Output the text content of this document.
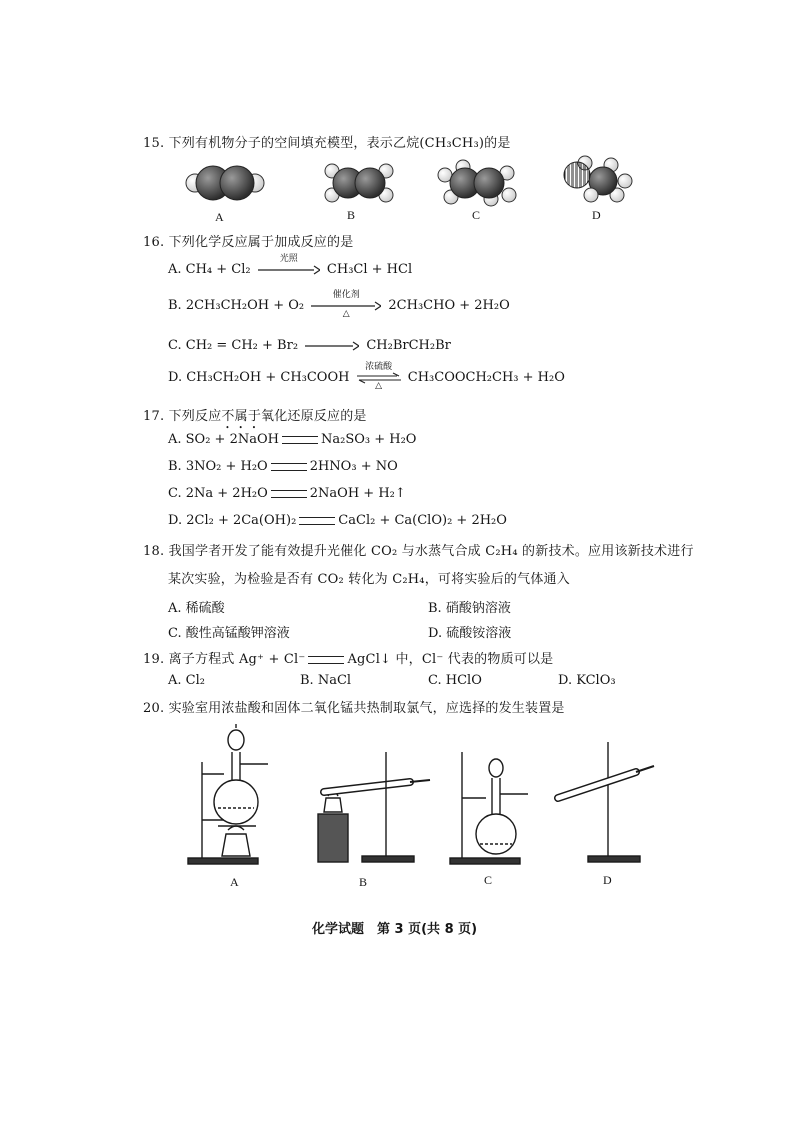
15. 下列有机物分子的空间填充模型，表示乙烷(CH₃CH₃)的是
A	B	C	D
16. 下列化学反应属于加成反应的是
A. CH₄ + Cl₂
光照
CH₃Cl + HCl
B. 2CH₃CH₂OH + O₂
催化剂
△
2CH₃CHO + 2H₂O
C. CH₂ = CH₂ + Br₂	CH₂BrCH₂Br
D. CH₃CH₂OH + CH₃COOH
浓硫酸
△
CH₃COOCH₂CH₃ + H₂O
17. 下列反应不属于氧化还原反应的是
A. SO₂ + 2NaOH	Na₂SO₃ + H₂O
B. 3NO₂ + H₂O	2HNO₃ + NO
C. 2Na + 2H₂O	2NaOH + H₂↑
D. 2Cl₂ + 2Ca(OH)₂	CaCl₂ + Ca(ClO)₂ + 2H₂O
18. 我国学者开发了能有效提升光催化 CO₂ 与水蒸气合成 C₂H₄ 的新技术。应用该新技术进行
某次实验，为检验是否有 CO₂ 转化为 C₂H₄，可将实验后的气体通入
A. 稀硫酸	B. 硝酸钠溶液
C. 酸性高锰酸钾溶液	D. 硫酸铵溶液
19. 离子方程式 Ag⁺ + Cl⁻	AgCl↓ 中，Cl⁻ 代表的物质可以是
A. Cl₂	B. NaCl	C. HClO	D. KClO₃
20. 实验室用浓盐酸和固体二氧化锰共热制取氯气，应选择的发生装置是
A	B	C	D
化学试题　第 3 页(共 8 页)
